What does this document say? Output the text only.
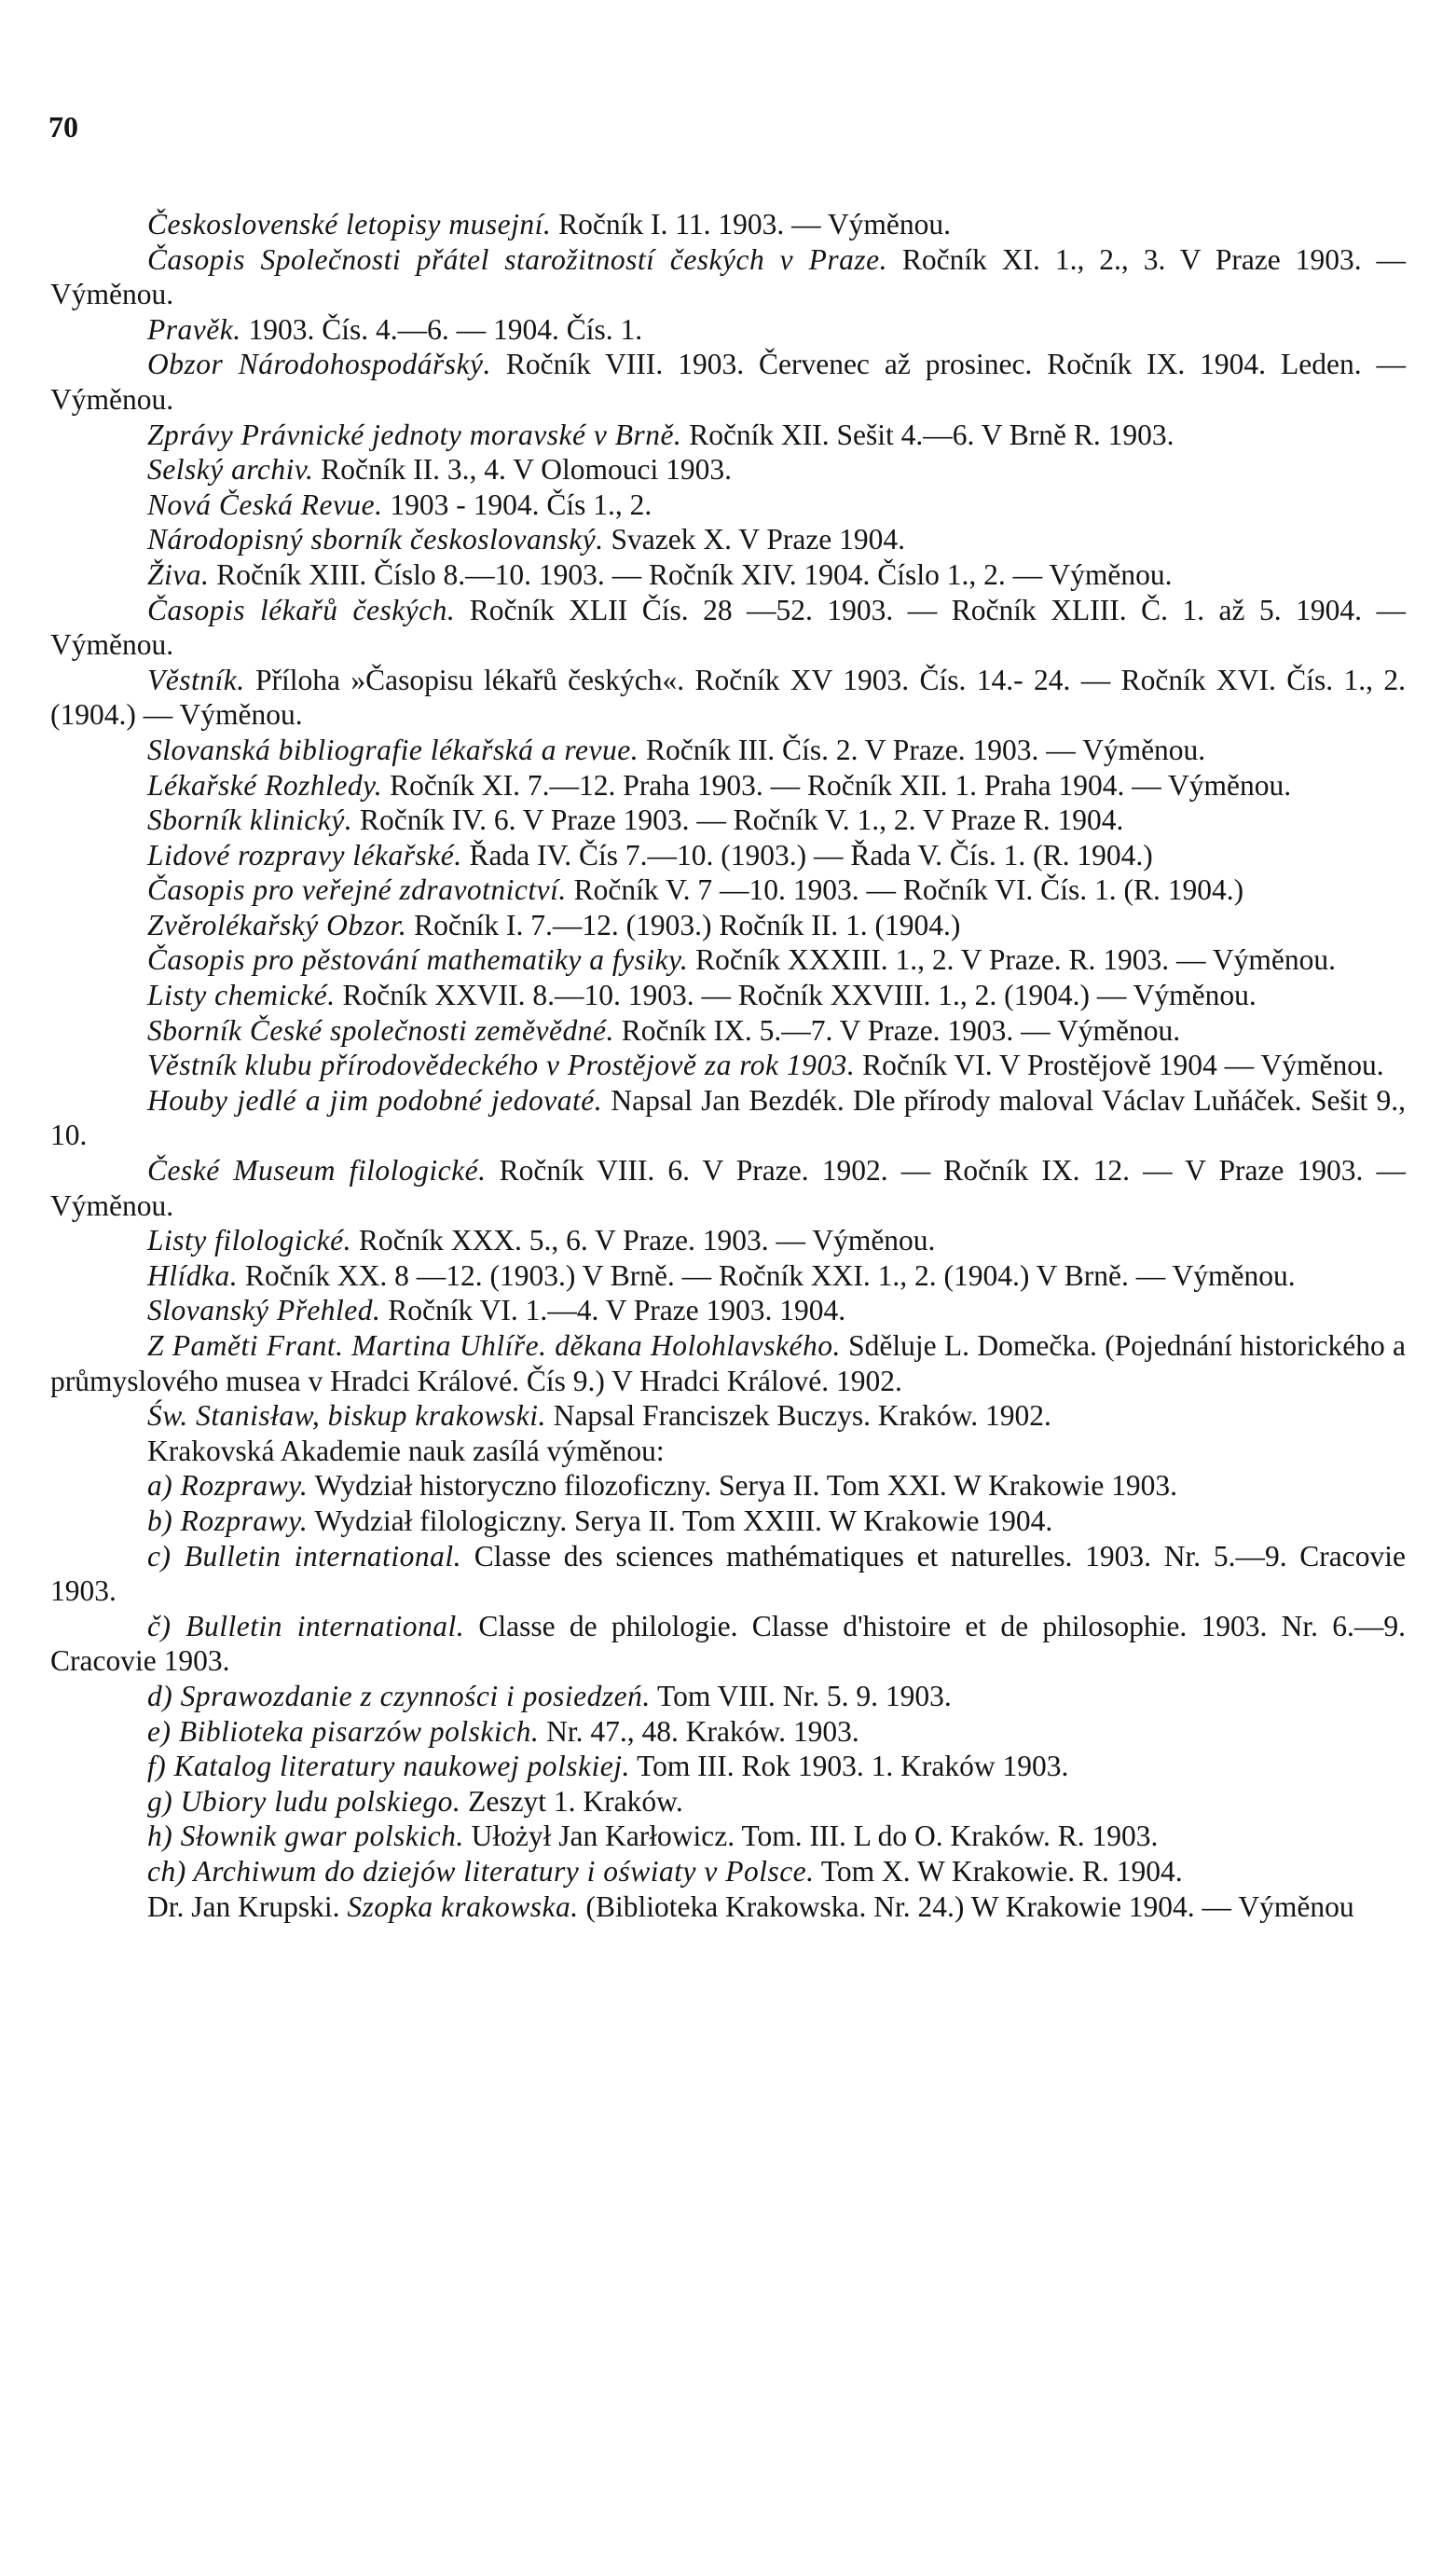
70

Československé letopisy musejní. Ročník I. 11. 1903. — Výměnou.

Časopis Společnosti přátel starožitností českých v Praze. Ročník XI. 1., 2., 3. V Praze 1903. — Výměnou.

Pravěk. 1903. Čís. 4.—6. — 1904. Čís. 1.

Obzor Národohospodářský. Ročník VIII. 1903. Červenec až prosinec. Ročník IX. 1904. Leden. — Výměnou.

Zprávy Právnické jednoty moravské v Brně. Ročník XII. Sešit 4.—6. V Brně R. 1903.

Selský archiv. Ročník II. 3., 4. V Olomouci 1903.

Nová Česká Revue. 1903 - 1904. Čís 1., 2.

Národopisný sborník českoslovanský. Svazek X. V Praze 1904.

Živa. Ročník XIII. Číslo 8.—10. 1903. — Ročník XIV. 1904. Číslo 1., 2. — Výměnou.

Časopis lékařů českých. Ročník XLII Čís. 28 —52. 1903. — Ročník XLIII. Č. 1. až 5. 1904. — Výměnou.

Věstník. Příloha »Časopisu lékařů českých«. Ročník XV 1903. Čís. 14.- 24. — Ročník XVI. Čís. 1., 2. (1904.) — Výměnou.

Slovanská bibliografie lékařská a revue. Ročník III. Čís. 2. V Praze. 1903. — Výměnou.

Lékařské Rozhledy. Ročník XI. 7.—12. Praha 1903. — Ročník XII. 1. Praha 1904. — Výměnou.

Sborník klinický. Ročník IV. 6. V Praze 1903. — Ročník V. 1., 2. V Praze R. 1904.

Lidové rozpravy lékařské. Řada IV. Čís 7.—10. (1903.) — Řada V. Čís. 1. (R. 1904.)

Časopis pro veřejné zdravotnictví. Ročník V. 7 —10. 1903. — Ročník VI. Čís. 1. (R. 1904.)

Zvěrolékařský Obzor. Ročník I. 7.—12. (1903.) Ročník II. 1. (1904.)

Časopis pro pěstování mathematiky a fysiky. Ročník XXXIII. 1., 2. V Praze. R. 1903. — Výměnou.

Listy chemické. Ročník XXVII. 8.—10. 1903. — Ročník XXVIII. 1., 2. (1904.) — Výměnou.

Sborník České společnosti zeměvědné. Ročník IX. 5.—7. V Praze. 1903. — Výměnou.

Věstník klubu přírodovědeckého v Prostějově za rok 1903. Ročník VI. V Prostějově 1904 — Výměnou.

Houby jedlé a jim podobné jedovaté. Napsal Jan Bezdék. Dle přírody maloval Václav Luňáček. Sešit 9., 10.

České Museum filologické. Ročník VIII. 6. V Praze. 1902. — Ročník IX. 12. — V Praze 1903. — Výměnou.

Listy filologické. Ročník XXX. 5., 6. V Praze. 1903. — Výměnou.

Hlídka. Ročník XX. 8 —12. (1903.) V Brně. — Ročník XXI. 1., 2. (1904.) V Brně. — Výměnou.

Slovanský Přehled. Ročník VI. 1.—4. V Praze 1903. 1904.

Z Paměti Frant. Martina Uhlíře. děkana Holohlavského. Sděluje L. Domečka. (Pojednání historického a průmyslového musea v Hradci Králové. Čís 9.) V Hradci Králové. 1902.

Św. Stanisław, biskup krakowski. Napsal Franciszek Buczys. Kraków. 1902.

Krakovská Akademie nauk zasílá výměnou:

a) Rozprawy. Wydział historyczno filozoficzny. Serya II. Tom XXI. W Krakowie 1903.

b) Rozprawy. Wydział filologiczny. Serya II. Tom XXIII. W Krakowie 1904.

c) Bulletin international. Classe des sciences mathématiques et naturelles. 1903. Nr. 5.—9. Cracovie 1903.

č) Bulletin international. Classe de philologie. Classe d'histoire et de philosophie. 1903. Nr. 6.—9. Cracovie 1903.

d) Sprawozdanie z czynności i posiedzeń. Tom VIII. Nr. 5. 9. 1903.

e) Biblioteka pisarzów polskich. Nr. 47., 48. Kraków. 1903.

f) Katalog literatury naukowej polskiej. Tom III. Rok 1903. 1. Kraków 1903.

g) Ubiory ludu polskiego. Zeszyt 1. Kraków.

h) Słownik gwar polskich. Ułożył Jan Karłowicz. Tom. III. L do O. Kraków. R. 1903.

ch) Archiwum do dziejów literatury i oświaty v Polsce. Tom X. W Krakowie. R. 1904.

Dr. Jan Krupski. Szopka krakowska. (Biblioteka Krakowska. Nr. 24.) W Krakowie 1904. — Výměnou
